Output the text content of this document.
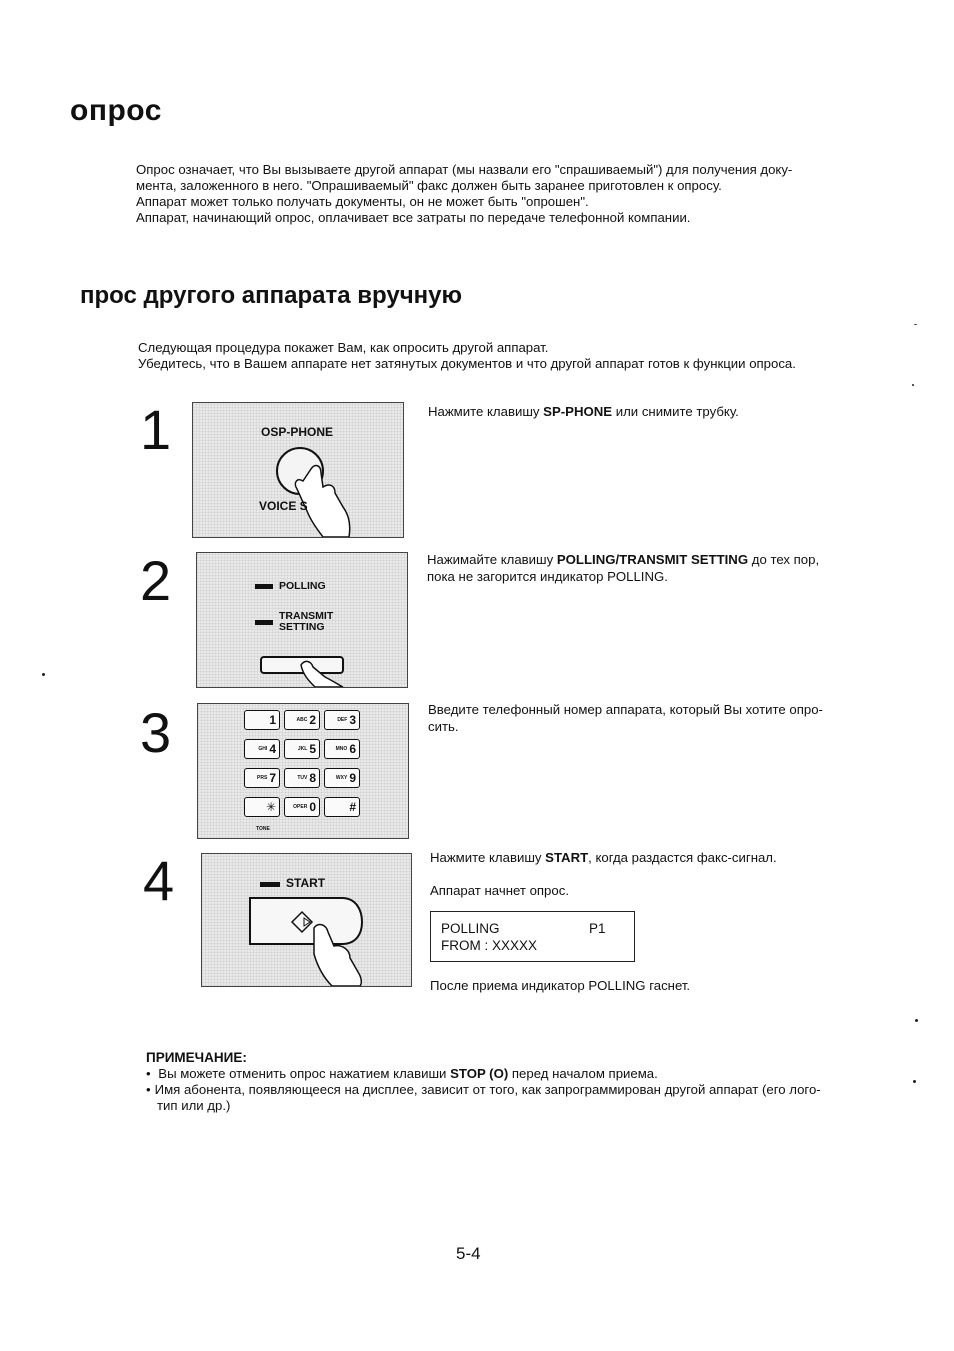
опрос
Опрос означает, что Вы вызываете другой аппарат (мы назвали его "спрашиваемый") для получения доку-
мента, заложенного в него. "Опрашиваемый" факс должен быть заранее приготовлен к опросу.
Аппарат может только получать документы, он не может быть "опрошен".
Аппарат, начинающий опрос, оплачивает все затраты по передаче телефонной компании.
прос другого аппарата вручную
Следующая процедура покажет Вам, как опросить другой аппарат.
Убедитесь, что в Вашем аппарате нет затянутых документов и что другой аппарат готов к функции опроса.
1	OSP-PHONE
VOICE S
Нажмите клавишу SP-PHONE или снимите трубку.
2	POLLING
TRANSMIT
SETTING
Нажимайте клавишу POLLING/TRANSMIT SETTING до тех пор,
пока не загорится индикатор POLLING.
3	1	ABC 2	DEF 3
GHI 4	JKL 5	MNO 6
PRS 7	TUV 8	WXY 9
✳	OPER 0	#
TONE
Введите телефонный номер аппарата, который Вы хотите опро-
сить.
4	START
Нажмите клавишу START, когда раздастся факс-сигнал.
Аппарат начнет опрос.
POLLING	P1
FROM : XXXXX
После приема индикатор POLLING гаснет.
ПРИМЕЧАНИЕ:
• Вы можете отменить опрос нажатием клавиши STOP (O) перед началом приема.
• Имя абонента, появляющееся на дисплее, зависит от того, как запрограммирован другой аппарат (его лого-
тип или др.)
5-4
